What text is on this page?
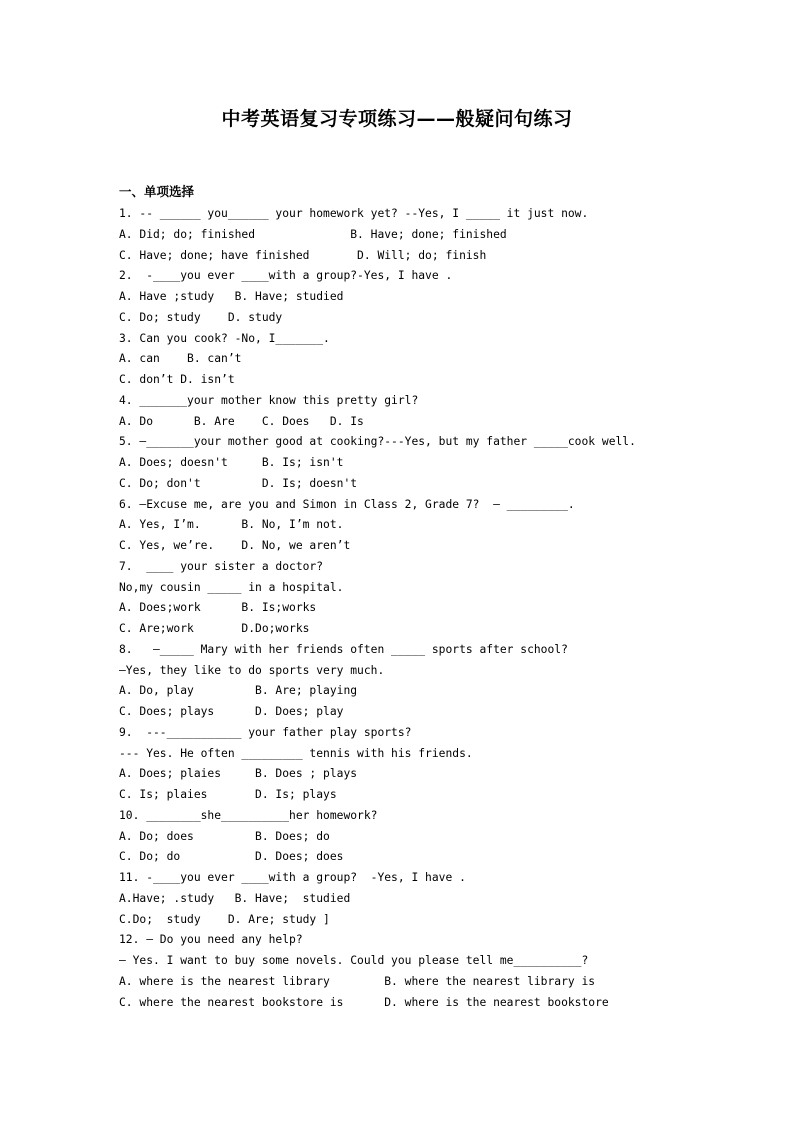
中考英语复习专项练习——般疑问句练习
一、单项选择
1. -- ______ you______ your homework yet? --Yes, I _____ it just now.
A. Did; do; finished              B. Have; done; finished
C. Have; done; have finished       D. Will; do; finish
2.  -____you ever ____with a group?-Yes, I have .
A. Have ;study   B. Have; studied
C. Do; study    D. study
3. Can you cook? -No, I_______.
A. can    B. can’t
C. don’t D. isn’t
4. _______your mother know this pretty girl?
A. Do      B. Are    C. Does   D. Is
5. —_______your mother good at cooking?---Yes, but my father _____cook well.
A. Does; doesn't     B. Is; isn't
C. Do; don't         D. Is; doesn't
6. —Excuse me, are you and Simon in Class 2, Grade 7?  — _________.
A. Yes, I’m.      B. No, I’m not.
C. Yes, we’re.    D. No, we aren’t
7.  ____ your sister a doctor?
No,my cousin _____ in a hospital.
A. Does;work      B. Is;works
C. Are;work       D.Do;works
8.   —_____ Mary with her friends often _____ sports after school?
—Yes, they like to do sports very much.
A. Do, play         B. Are; playing
C. Does; plays      D. Does; play
9.  ---___________ your father play sports?
--- Yes. He often _________ tennis with his friends.
A. Does; plaies     B. Does ; plays
C. Is; plaies       D. Is; plays
10. ________she__________her homework?
A. Do; does         B. Does; do
C. Do; do           D. Does; does
11. -____you ever ____with a group?  -Yes, I have .
A.Have; .study   B. Have;  studied
C.Do;  study    D. Are; study ]
12. — Do you need any help?
— Yes. I want to buy some novels. Could you please tell me__________?
A. where is the nearest library        B. where the nearest library is
C. where the nearest bookstore is      D. where is the nearest bookstore
